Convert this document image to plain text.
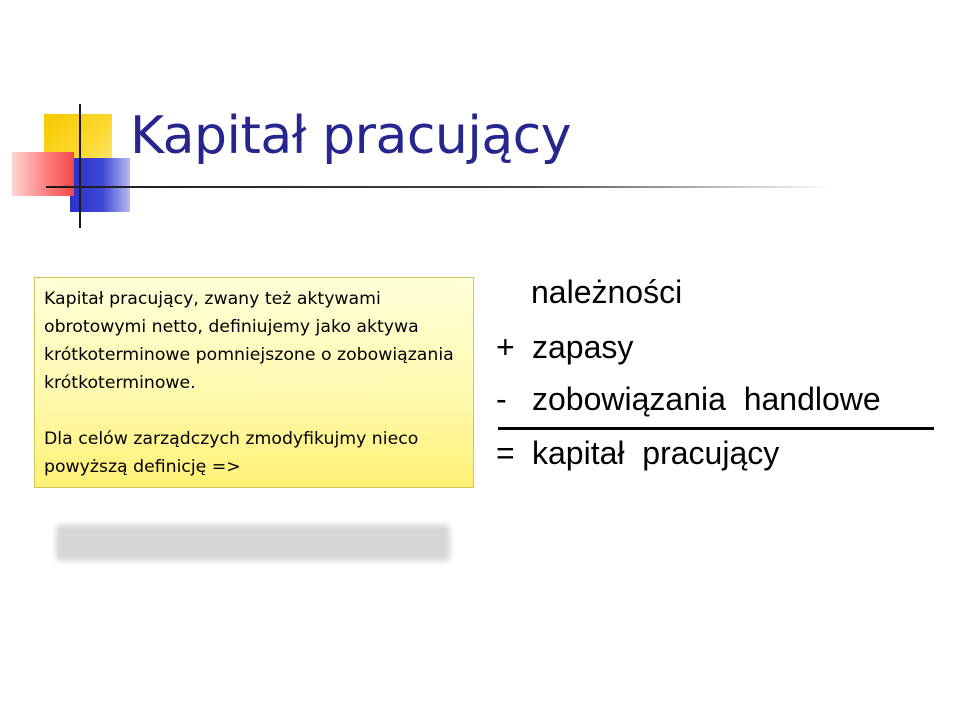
Kapitał pracujący

Kapitał pracujący, zwany też aktywami obrotowymi netto, definiujemy jako aktywa krótkoterminowe pomniejszone o zobowiązania krótkoterminowe.

Dla celów zarządczych zmodyfikujmy nieco powyższą definicję =>

należności
+ zapasy
- zobowiązania  handlowe
= kapitał  pracujący
